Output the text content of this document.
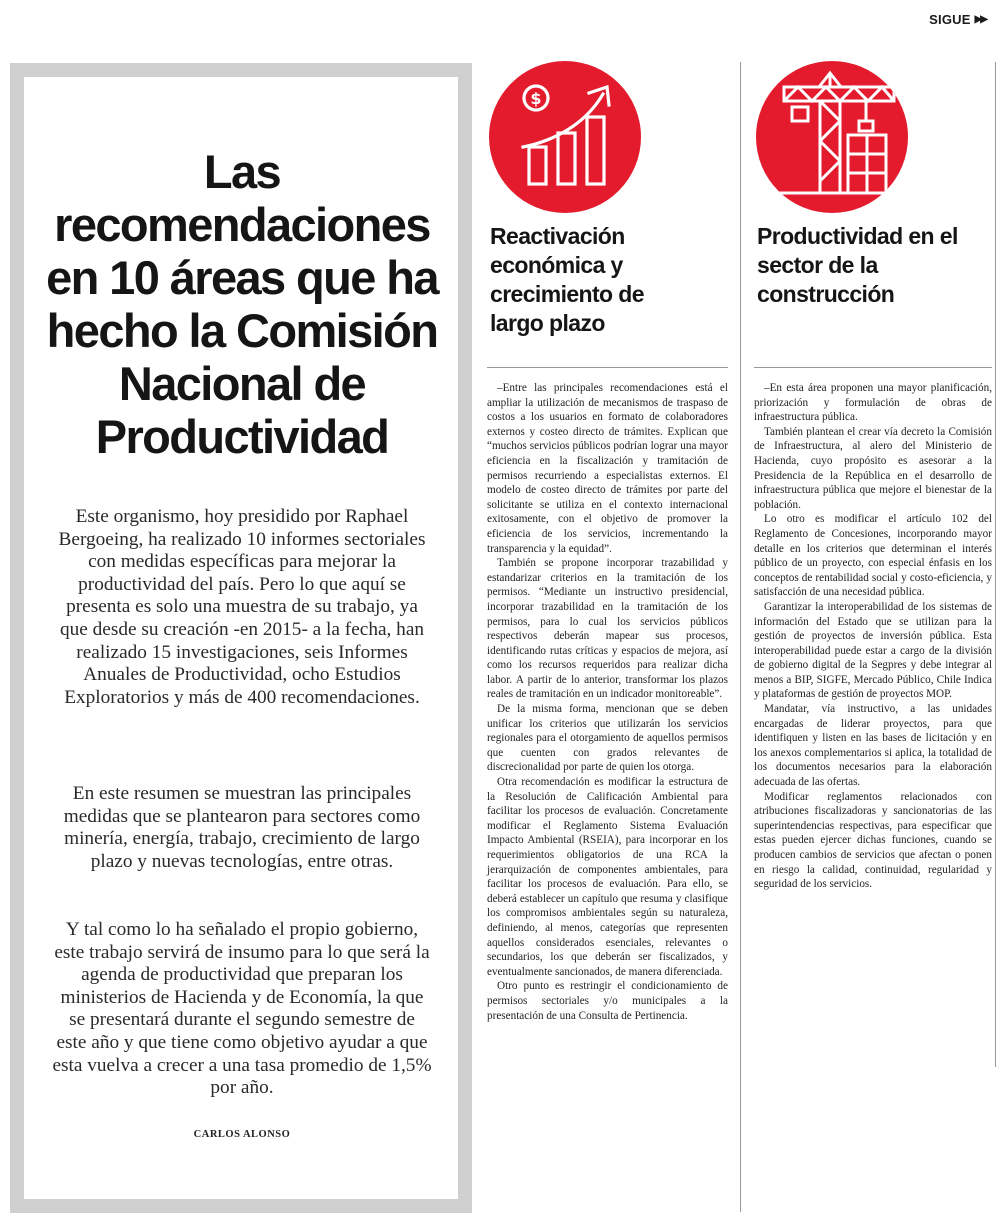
SIGUE ▶▶
Las
recomendaciones
en 10 áreas que ha
hecho la Comisión
Nacional de
Productividad

Este organismo, hoy presidido por Raphael Bergoeing, ha realizado 10 informes sectoriales con medidas específicas para mejorar la productividad del país. Pero lo que aquí se presenta es solo una muestra de su trabajo, ya que desde su creación -en 2015- a la fecha, han realizado 15 investigaciones, seis Informes Anuales de Productividad, ocho Estudios Exploratorios y más de 400 recomendaciones.

En este resumen se muestran las principales medidas que se plantearon para sectores como minería, energía, trabajo, crecimiento de largo plazo y nuevas tecnologías, entre otras.

Y tal como lo ha señalado el propio gobierno, este trabajo servirá de insumo para lo que será la agenda de productividad que preparan los ministerios de Hacienda y de Economía, la que se presentará durante el segundo semestre de este año y que tiene como objetivo ayudar a que esta vuelva a crecer a una tasa promedio de 1,5% por año.

CARLOS ALONSO
$
Reactivación
económica y
crecimiento de
largo plazo
Productividad en el
sector de la
construcción

–Entre las principales recomendaciones está el ampliar la utilización de mecanismos de traspaso de costos a los usuarios en formato de colaboradores externos y costeo directo de trámites. Explican que “muchos servicios públicos podrían lograr una mayor eficiencia en la fiscalización y tramitación de permisos recurriendo a especialistas externos. El modelo de costeo directo de trámites por parte del solicitante se utiliza en el contexto internacional exitosamente, con el objetivo de promover la eficiencia de los servicios, incrementando la transparencia y la equidad”.

También se propone incorporar trazabilidad y estandarizar criterios en la tramitación de los permisos. “Mediante un instructivo presidencial, incorporar trazabilidad en la tramitación de los permisos, para lo cual los servicios públicos respectivos deberán mapear sus procesos, identificando rutas críticas y espacios de mejora, así como los recursos requeridos para realizar dicha labor. A partir de lo anterior, transformar los plazos reales de tramitación en un indicador monitoreable”.

De la misma forma, mencionan que se deben unificar los criterios que utilizarán los servicios regionales para el otorgamiento de aquellos permisos que cuenten con grados relevantes de discrecionalidad por parte de quien los otorga.

Otra recomendación es modificar la estructura de la Resolución de Calificación Ambiental para facilitar los procesos de evaluación. Concretamente modificar el Reglamento Sistema Evaluación Impacto Ambiental (RSEIA), para incorporar en los requerimientos obligatorios de una RCA la jerarquización de componentes ambientales, para facilitar los procesos de evaluación. Para ello, se deberá establecer un capítulo que resuma y clasifique los compromisos ambientales según su naturaleza, definiendo, al menos, categorías que representen aquellos considerados esenciales, relevantes o secundarios, los que deberán ser fiscalizados, y eventualmente sancionados, de manera diferenciada.

Otro punto es restringir el condicionamiento de permisos sectoriales y/o municipales a la presentación de una Consulta de Pertinencia.

–En esta área proponen una mayor planificación, priorización y formulación de obras de infraestructura pública.

También plantean el crear vía decreto la Comisión de Infraestructura, al alero del Ministerio de Hacienda, cuyo propósito es asesorar a la Presidencia de la República en el desarrollo de infraestructura pública que mejore el bienestar de la población.

Lo otro es modificar el artículo 102 del Reglamento de Concesiones, incorporando mayor detalle en los criterios que determinan el interés público de un proyecto, con especial énfasis en los conceptos de rentabilidad social y costo-eficiencia, y satisfacción de una necesidad pública.

Garantizar la interoperabilidad de los sistemas de información del Estado que se utilizan para la gestión de proyectos de inversión pública. Esta interoperabilidad puede estar a cargo de la división de gobierno digital de la Segpres y debe integrar al menos a BIP, SIGFE, Mercado Público, Chile Indica y plataformas de gestión de proyectos MOP.

Mandatar, vía instructivo, a las unidades encargadas de liderar proyectos, para que identifiquen y listen en las bases de licitación y en los anexos complementarios si aplica, la totalidad de los documentos necesarios para la elaboración adecuada de las ofertas.

Modificar reglamentos relacionados con atribuciones fiscalizadoras y sancionatorias de las superintendencias respectivas, para especificar que estas pueden ejercer dichas funciones, cuando se producen cambios de servicios que afectan o ponen en riesgo la calidad, continuidad, regularidad y seguridad de los servicios.
